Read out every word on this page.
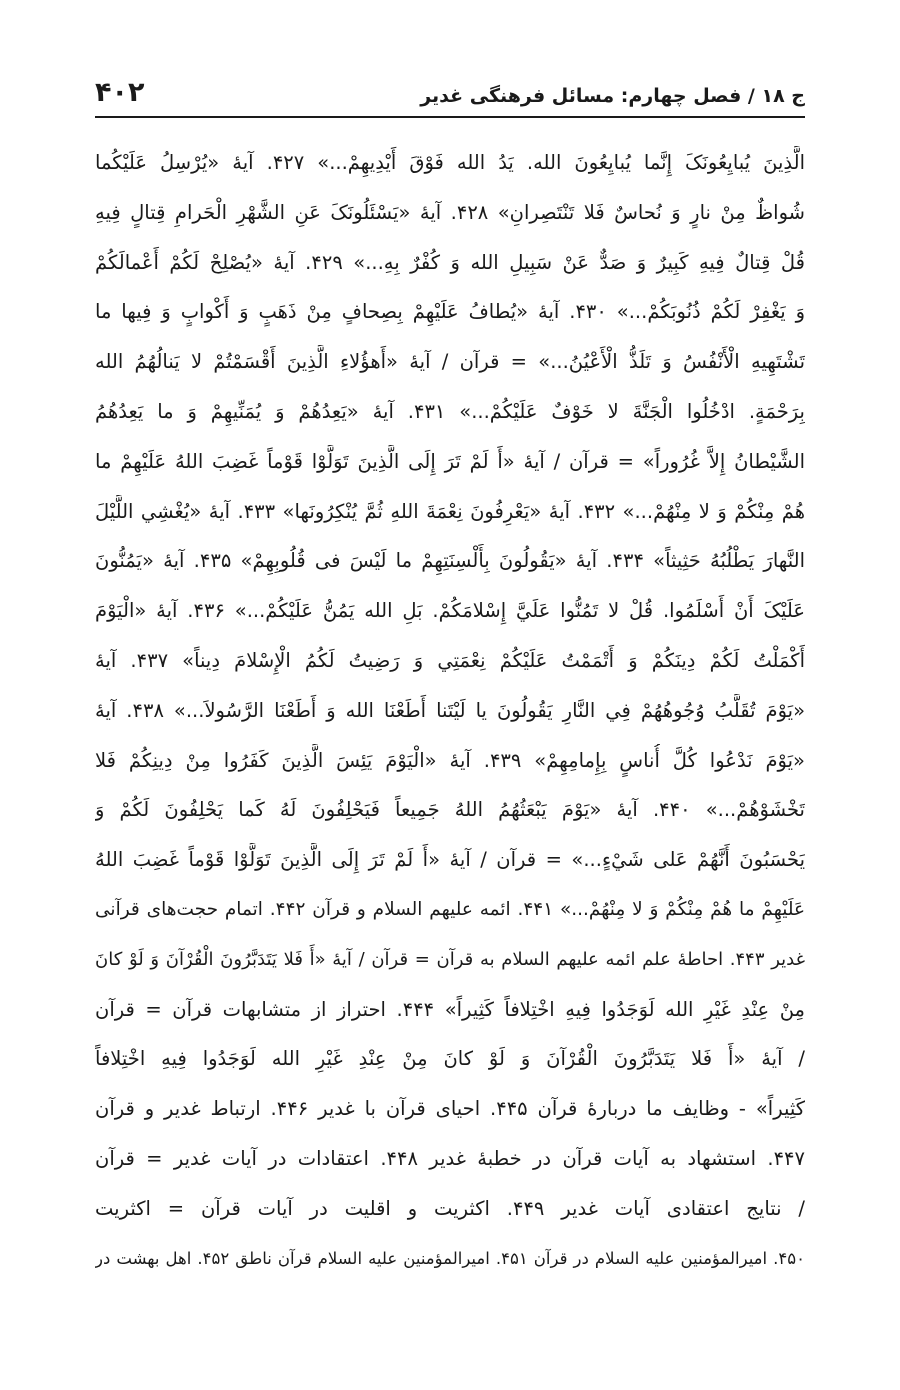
ج ۱۸ / فصل چهارم: مسائل فرهنگی غدیر
۴۰۲
الَّذِينَ يُبايِعُونَکَ إِنَّما يُبايِعُونَ الله. يَدُ الله فَوْقَ أَيْدِيهِمْ...» ۴۲۷. آيۀ «يُرْسِلُ عَلَيْكُما
شُواظٌ مِنْ نارٍ وَ نُحاسٌ فَلا تَنْتَصِرانِ» ۴۲۸. آيۀ «يَسْئَلُونَکَ عَنِ الشَّهْرِ الْحَرامِ قِتالٍ فِيهِ
قُلْ قِتالٌ فِيهِ كَبِيرٌ وَ صَدٌّ عَنْ سَبِيلِ الله وَ كُفْرٌ بِهِ...» ۴۲۹. آيۀ «يُصْلِحْ لَكُمْ أَعْمالَكُمْ
وَ يَغْفِرْ لَكُمْ ذُنُوبَكُمْ...» ۴۳۰. آيۀ «يُطافُ عَلَيْهِمْ بِصِحافٍ مِنْ ذَهَبٍ وَ أَكْوابٍ وَ فِيها ما
تَشْتَهِيهِ الْأَنْفُسُ وَ تَلَذُّ الْأَعْيُنُ...» = قرآن / آيۀ «أَهؤُلاءِ الَّذِينَ أَقْسَمْتُمْ لا يَنالُهُمُ الله
بِرَحْمَةٍ. ادْخُلُوا الْجَنَّةَ لا خَوْفٌ عَلَيْكُمْ...» ۴۳۱. آيۀ «يَعِدُهُمْ وَ يُمَنِّيهِمْ وَ ما يَعِدُهُمُ
الشَّيْطانُ إِلاَّ غُرُوراً» = قرآن / آيۀ «أَ لَمْ تَرَ إِلَى الَّذِينَ تَوَلَّوْا قَوْماً غَضِبَ اللهُ عَلَيْهِمْ ما
هُمْ مِنْكُمْ وَ لا مِنْهُمْ...» ۴۳۲. آيۀ «يَعْرِفُونَ نِعْمَةَ اللهِ ثُمَّ يُنْكِرُونَها» ۴۳۳. آيۀ «يُغْشِي اللَّيْلَ
النَّهارَ يَطْلُبُهُ حَثِيثاً» ۴۳۴. آيۀ «يَقُولُونَ بِأَلْسِنَتِهِمْ ما لَيْسَ فی قُلُوبِهِمْ» ۴۳۵. آيۀ «يَمُنُّونَ
عَلَيْکَ أَنْ أَسْلَمُوا. قُلْ لا تَمُنُّوا عَلَيَّ إِسْلامَكُمْ. بَلِ الله يَمُنُّ عَلَيْكُمْ...» ۴۳۶. آيۀ «الْيَوْمَ
أَكْمَلْتُ لَكُمْ دِينَكُمْ وَ أَتْمَمْتُ عَلَيْكُمْ نِعْمَتِي وَ رَضِيتُ لَكُمُ الْإِسْلامَ دِيناً» ۴۳۷. آيۀ
«يَوْمَ تُقَلَّبُ وُجُوهُهُمْ فِي النَّارِ يَقُولُونَ يا لَيْتَنا أَطَعْنَا الله وَ أَطَعْنَا الرَّسُولاَ...» ۴۳۸. آيۀ
«يَوْمَ نَدْعُوا كُلَّ أُناسٍ بِإِمامِهِمْ» ۴۳۹. آيۀ «الْيَوْمَ يَئِسَ الَّذِينَ كَفَرُوا مِنْ دِينِكُمْ فَلا
تَخْشَوْهُمْ...» ۴۴۰. آيۀ «يَوْمَ يَبْعَثُهُمُ اللهُ جَمِيعاً فَيَحْلِفُونَ لَهُ كَما يَحْلِفُونَ لَكُمْ وَ
يَحْسَبُونَ أَنَّهُمْ عَلى شَيْءٍ...» = قرآن / آيۀ «أَ لَمْ تَرَ إِلَى الَّذِينَ تَوَلَّوْا قَوْماً غَضِبَ اللهُ
عَلَيْهِمْ ما هُمْ مِنْكُمْ وَ لا مِنْهُمْ...» ۴۴۱. ائمه علیهم السلام و قرآن ۴۴۲. اتمام حجت‌های قرآنی
غدیر ۴۴۳. احاطۀ علم ائمه علیهم السلام به قرآن = قرآن / آيۀ «أَ فَلا يَتَدَبَّرُونَ الْقُرْآنَ وَ لَوْ كانَ
مِنْ عِنْدِ غَيْرِ الله لَوَجَدُوا فِيهِ اخْتِلافاً كَثِيراً» ۴۴۴. احتراز از متشابهات قرآن = قرآن
/ آيۀ «أَ فَلا يَتَدَبَّرُونَ الْقُرْآنَ وَ لَوْ كانَ مِنْ عِنْدِ غَيْرِ الله لَوَجَدُوا فِيهِ اخْتِلافاً
كَثِيراً» - وظايف ما دربارۀ قرآن ۴۴۵. احیای قرآن با غدیر ۴۴۶. ارتباط غدیر و قرآن
۴۴۷. استشهاد به آیات قرآن در خطبۀ غدیر ۴۴۸. اعتقادات در آیات غدیر = قرآن
/ نتایج اعتقادی آیات غدیر ۴۴۹. اکثریت و اقلیت در آیات قرآن = اکثریت
۴۵۰. امیرالمؤمنین علیه السلام در قرآن ۴۵۱. امیرالمؤمنین علیه السلام قرآن ناطق ۴۵۲. اهل بهشت در
